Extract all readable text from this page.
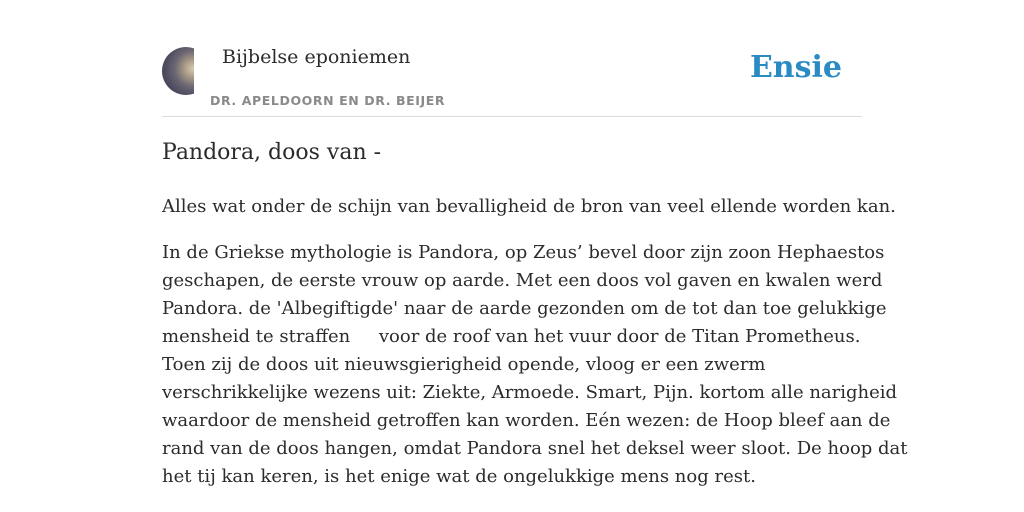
Bijbelse eponiemen
DR. APELDOORN EN DR. BEIJER
Ensie
Pandora, doos van -

Alles wat onder de schijn van bevalligheid de bron van veel ellende worden kan.

In de Griekse mythologie is Pandora, op Zeus’ bevel door zijn zoon Hephaestos
geschapen, de eerste vrouw op aarde. Met een doos vol gaven en kwalen werd
Pandora. de 'Albegiftigde' naar de aarde gezonden om de tot dan toe gelukkige
mensheid te straffen     voor de roof van het vuur door de Titan Prometheus.
Toen zij de doos uit nieuwsgierigheid opende, vloog er een zwerm
verschrikkelijke wezens uit: Ziekte, Armoede. Smart, Pijn. kortom alle narigheid
waardoor de mensheid getroffen kan worden. Eén wezen: de Hoop bleef aan de
rand van de doos hangen, omdat Pandora snel het deksel weer sloot. De hoop dat
het tij kan keren, is het enige wat de ongelukkige mens nog rest.
